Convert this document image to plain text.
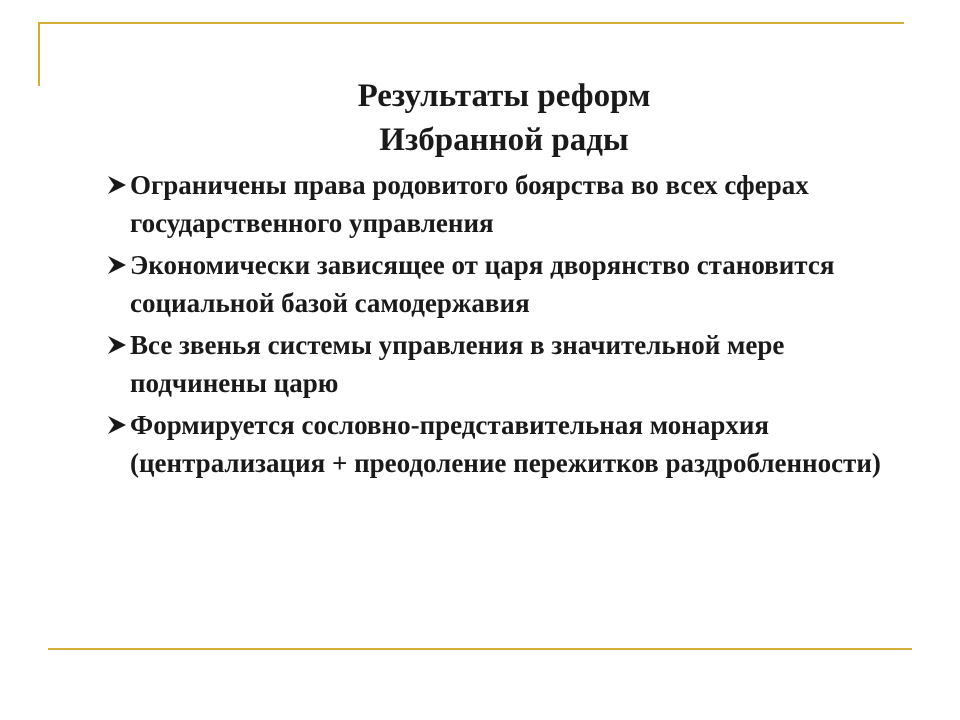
Результаты реформ
Избранной рады
Ограничены права родовитого боярства во всех сферах государственного управления
Экономически зависящее от царя дворянство становится социальной базой самодержавия
Все звенья системы управления в значительной мере подчинены царю
Формируется сословно-представительная монархия (централизация + преодоление пережитков раздробленности)
